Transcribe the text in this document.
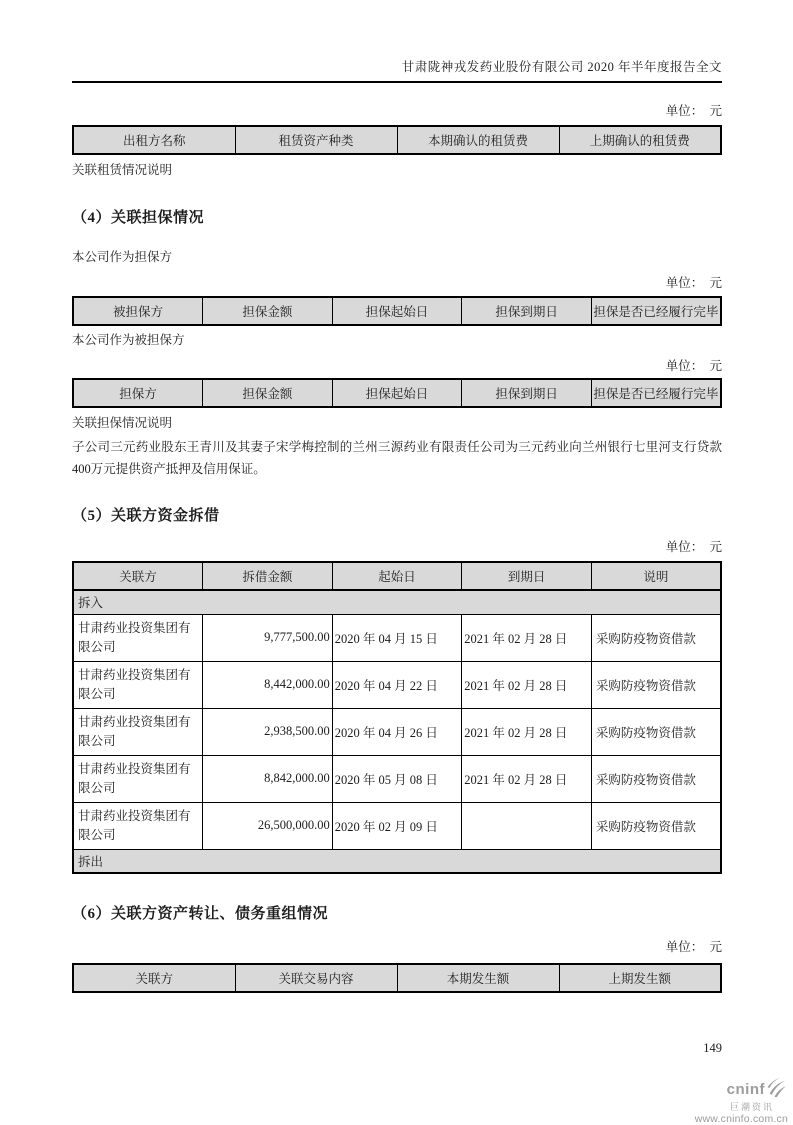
甘肃陇神戎发药业股份有限公司 2020 年半年度报告全文
单位：　元
出租方名称	租赁资产种类	本期确认的租赁费	上期确认的租赁费
关联租赁情况说明
（4）关联担保情况
本公司作为担保方
单位：　元
被担保方	担保金额	担保起始日	担保到期日	担保是否已经履行完毕
本公司作为被担保方
单位：　元
担保方	担保金额	担保起始日	担保到期日	担保是否已经履行完毕
关联担保情况说明
子公司三元药业股东王青川及其妻子宋学梅控制的兰州三源药业有限责任公司为三元药业向兰州银行七里河支行贷款400万元提供资产抵押及信用保证。
（5）关联方资金拆借
单位：　元
关联方	拆借金额	起始日	到期日	说明
拆入				
甘肃药业投资集团有限公司	9,777,500.00	2020 年 04 月 15 日	2021 年 02 月 28 日	采购防疫物资借款
甘肃药业投资集团有限公司	8,442,000.00	2020 年 04 月 22 日	2021 年 02 月 28 日	采购防疫物资借款
甘肃药业投资集团有限公司	2,938,500.00	2020 年 04 月 26 日	2021 年 02 月 28 日	采购防疫物资借款
甘肃药业投资集团有限公司	8,842,000.00	2020 年 05 月 08 日	2021 年 02 月 28 日	采购防疫物资借款
甘肃药业投资集团有限公司	26,500,000.00	2020 年 02 月 09 日		采购防疫物资借款
拆出				
（6）关联方资产转让、债务重组情况
单位：　元
关联方	关联交易内容	本期发生额	上期发生额
149
cninf
巨潮资讯
www.cninfo.com.cn
